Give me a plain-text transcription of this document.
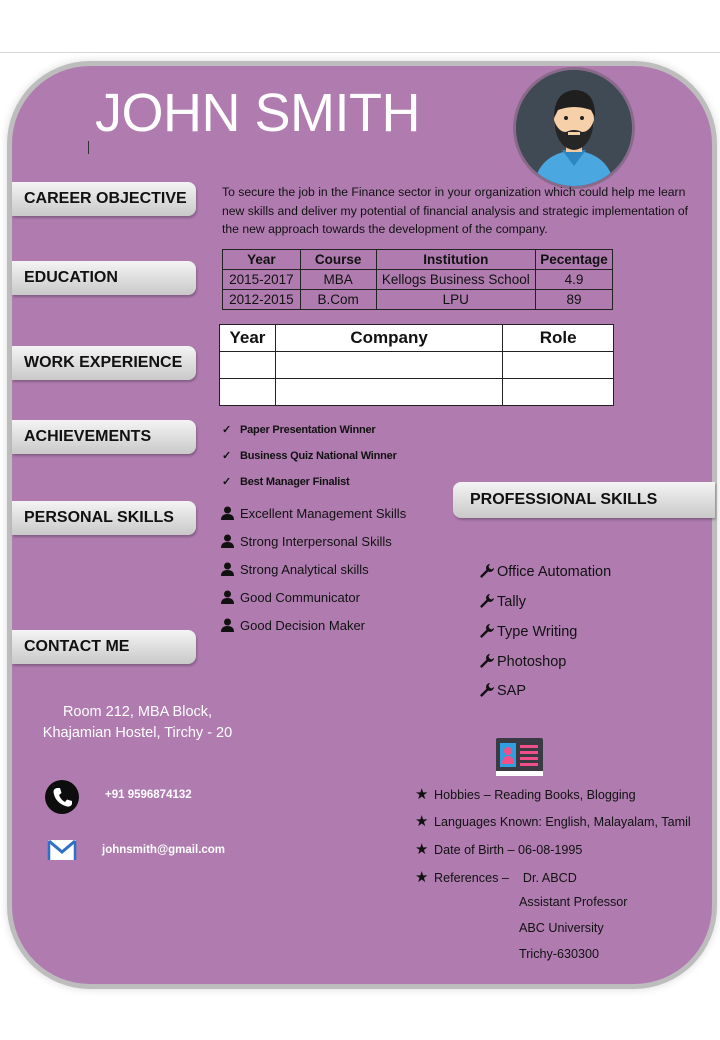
JOHN SMITH
CAREER OBJECTIVE
EDUCATION
WORK EXPERIENCE
ACHIEVEMENTS
PERSONAL SKILLS
CONTACT ME
PROFESSIONAL SKILLS
To secure the job in the Finance sector in your organization which could help me learn new skills and deliver my potential of financial analysis and strategic implementation of the new approach towards the development of the company.
Year	Course	Institution	Pecentage
2015-2017	MBA	Kellogs Business School	4.9
2012-2015	B.Com	LPU	89
Year	Company	Role

✓ Paper Presentation Winner
✓ Business Quiz National Winner
✓ Best Manager Finalist
Excellent Management Skills
Strong Interpersonal Skills
Strong Analytical skills
Good Communicator
Good Decision Maker
Office Automation
Tally
Type Writing
Photoshop
SAP
Room 212, MBA Block,
Khajamian Hostel, Tirchy - 20
+91 9596874132
johnsmith@gmail.com
★ Hobbies – Reading Books, Blogging
★ Languages Known: English, Malayalam, Tamil
★ Date of Birth – 06-08-1995
★ References –    Dr. ABCD
Assistant Professor
ABC University
Trichy-630300
